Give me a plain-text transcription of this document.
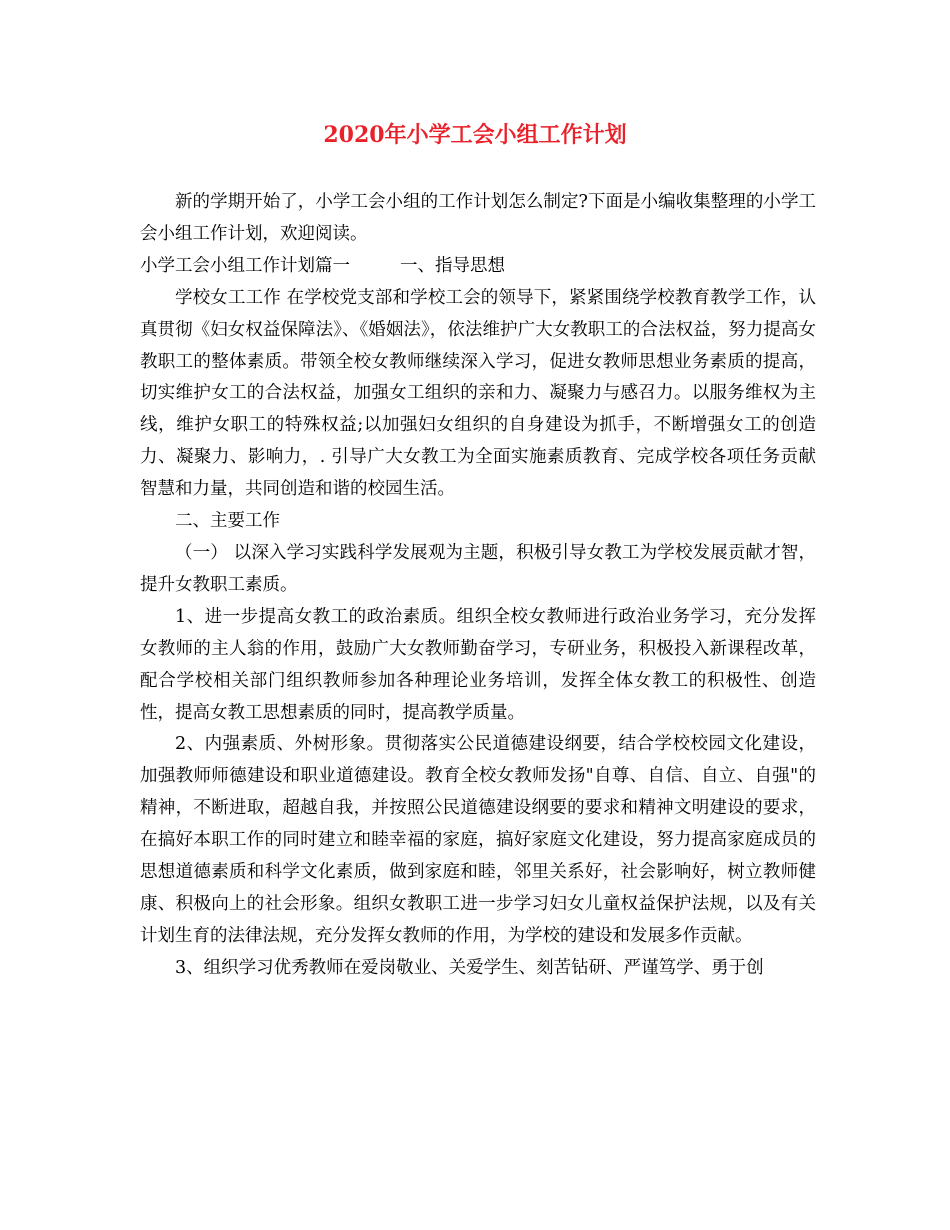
2020年小学工会小组工作计划

新的学期开始了，小学工会小组的工作计划怎么制定?下面是小编收集整理的小学工会小组工作计划，欢迎阅读。

小学工会小组工作计划篇一	一、指导思想

学校女工工作 在学校党支部和学校工会的领导下，紧紧围绕学校教育教学工作，认真贯彻《妇女权益保障法》、《婚姻法》，依法维护广大女教职工的合法权益，努力提高女教职工的整体素质。带领全校女教师继续深入学习，促进女教师思想业务素质的提高，切实维护女工的合法权益，加强女工组织的亲和力、凝聚力与感召力。以服务维权为主线，维护女职工的特殊权益;以加强妇女组织的自身建设为抓手，不断增强女工的创造力、凝聚力、影响力，. 引导广大女教工为全面实施素质教育、完成学校各项任务贡献智慧和力量，共同创造和谐的校园生活。

二、主要工作

（一） 以深入学习实践科学发展观为主题，积极引导女教工为学校发展贡献才智，提升女教职工素质。

1、进一步提高女教工的政治素质。组织全校女教师进行政治业务学习，充分发挥女教师的主人翁的作用，鼓励广大女教师勤奋学习，专研业务，积极投入新课程改革，配合学校相关部门组织教师参加各种理论业务培训，发挥全体女教工的积极性、创造性，提高女教工思想素质的同时，提高教学质量。

2、内强素质、外树形象。贯彻落实公民道德建设纲要，结合学校校园文化建设，加强教师师德建设和职业道德建设。教育全校女教师发扬"自尊、自信、自立、自强"的精神，不断进取，超越自我，并按照公民道德建设纲要的要求和精神文明建设的要求，在搞好本职工作的同时建立和睦幸福的家庭，搞好家庭文化建设，努力提高家庭成员的思想道德素质和科学文化素质，做到家庭和睦，邻里关系好，社会影响好，树立教师健康、积极向上的社会形象。组织女教职工进一步学习妇女儿童权益保护法规，以及有关计划生育的法律法规，充分发挥女教师的作用，为学校的建设和发展多作贡献。

3、组织学习优秀教师在爱岗敬业、关爱学生、刻苦钻研、严谨笃学、勇于创
